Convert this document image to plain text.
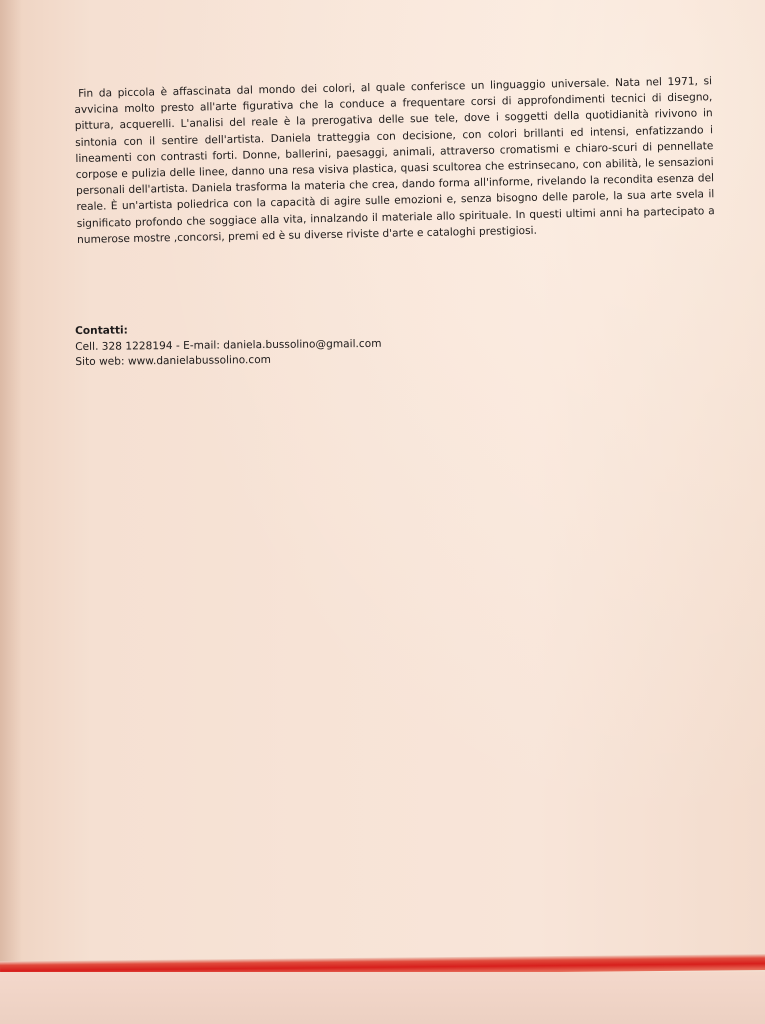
Fin da piccola è affascinata dal mondo dei colori, al quale conferisce un linguaggio universale. Nata nel 1971, si avvicina molto presto all'arte figurativa che la conduce a frequentare corsi di approfondimenti tecnici di disegno, pittura, acquerelli. L'analisi del reale è la prerogativa delle sue tele, dove i soggetti della quotidianità rivivono in sintonia con il sentire dell'artista. Daniela tratteggia con decisione, con colori brillanti ed intensi, enfatizzando i lineamenti con contrasti forti. Donne, ballerini, paesaggi, animali, attraverso cromatismi e chiaro-scuri di pennellate corpose e pulizia delle linee, danno una resa visiva plastica, quasi scultorea che estrinsecano, con abilità, le sensazioni personali dell'artista. Daniela trasforma la materia che crea, dando forma all'informe, rivelando la recondita esenza del reale. È un'artista poliedrica con la capacità di agire sulle emozioni e, senza bisogno delle parole, la sua arte svela il significato profondo che soggiace alla vita, innalzando il materiale allo spirituale. In questi ultimi anni ha partecipato a numerose mostre ,concorsi, premi ed è su diverse riviste d'arte e cataloghi prestigiosi.

Contatti:
Cell. 328 1228194 - E-mail: daniela.bussolino@gmail.com
Sito web: www.danielabussolino.com
